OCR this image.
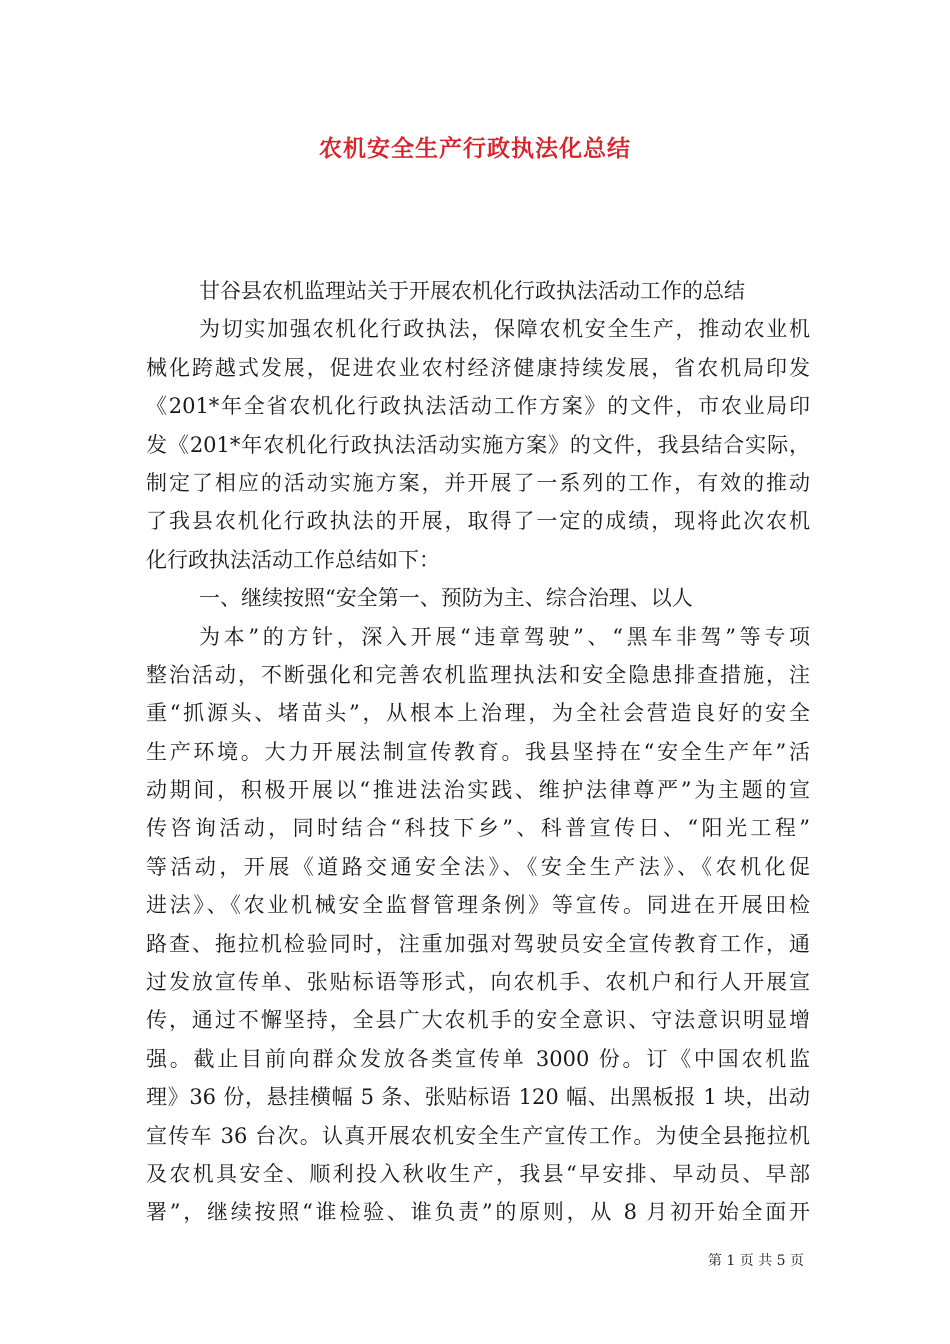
农机安全生产行政执法化总结
甘谷县农机监理站关于开展农机化行政执法活动工作的总结
为切实加强农机化行政执法，保障农机安全生产，推动农业机
械化跨越式发展，促进农业农村经济健康持续发展，省农机局印发
《201*年全省农机化行政执法活动工作方案》的文件，市农业局印
发《201*年农机化行政执法活动实施方案》的文件，我县结合实际，
制定了相应的活动实施方案，并开展了一系列的工作，有效的推动
了我县农机化行政执法的开展，取得了一定的成绩，现将此次农机
化行政执法活动工作总结如下：
一、继续按照“安全第一、预防为主、综合治理、以人
为本”的方针，深入开展“违章驾驶”、“黑车非驾”等专项
整治活动，不断强化和完善农机监理执法和安全隐患排查措施，注
重“抓源头、堵苗头”，从根本上治理，为全社会营造良好的安全
生产环境。大力开展法制宣传教育。我县坚持在“安全生产年”活
动期间，积极开展以“推进法治实践、维护法律尊严”为主题的宣
传咨询活动，同时结合“科技下乡”、科普宣传日、“阳光工程”
等活动，开展《道路交通安全法》、《安全生产法》、《农机化促
进法》、《农业机械安全监督管理条例》等宣传。同进在开展田检
路查、拖拉机检验同时，注重加强对驾驶员安全宣传教育工作，通
过发放宣传单、张贴标语等形式，向农机手、农机户和行人开展宣
传，通过不懈坚持，全县广大农机手的安全意识、守法意识明显增
强。截止目前向群众发放各类宣传单 3000 份。订《中国农机监
理》36 份，悬挂横幅 5 条、张贴标语 120 幅、出黑板报 1 块，出动
宣传车 36 台次。认真开展农机安全生产宣传工作。为使全县拖拉机
及农机具安全、顺利投入秋收生产，我县“早安排、早动员、早部
署”，继续按照“谁检验、谁负责”的原则，从 8 月初开始全面开
第 1 页 共 5 页
